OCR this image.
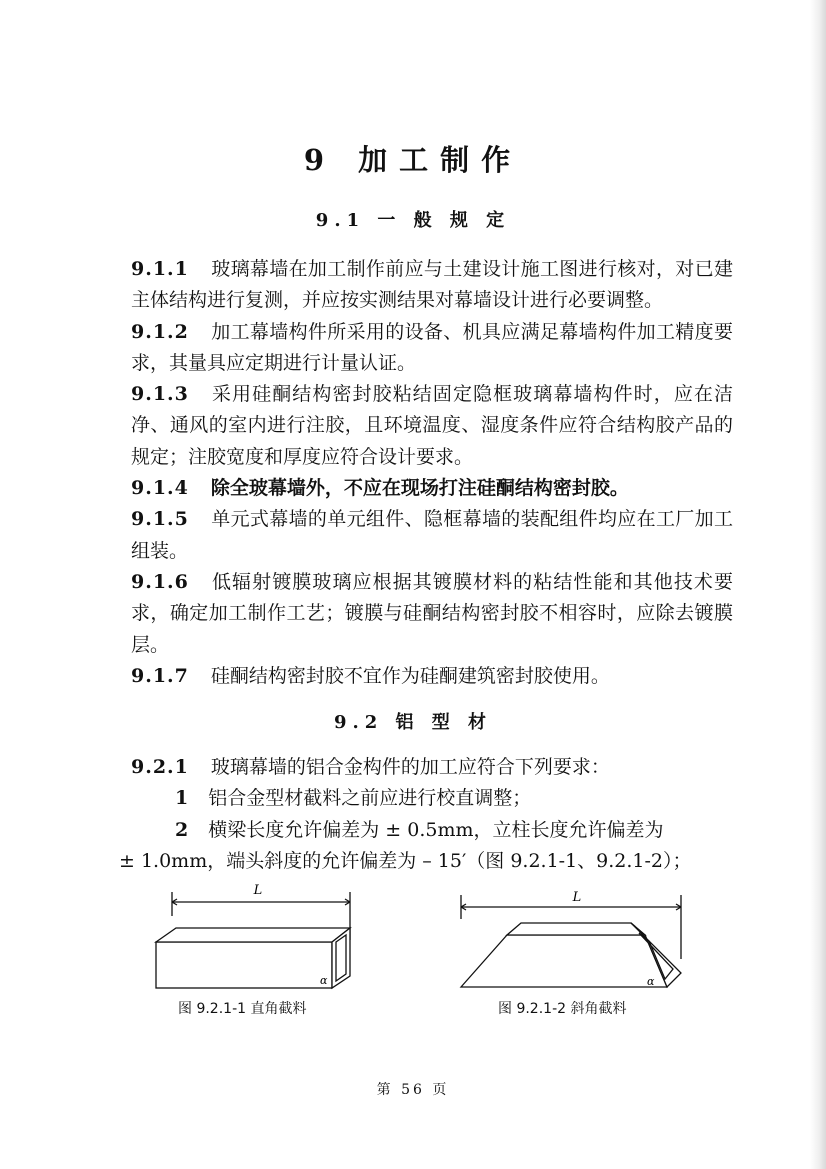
9 加工制作
9.1 一 般 规 定

9.1.1 玻璃幕墙在加工制作前应与土建设计施工图进行核对，对已建主体结构进行复测，并应按实测结果对幕墙设计进行必要调整。

9.1.2 加工幕墙构件所采用的设备、机具应满足幕墙构件加工精度要求，其量具应定期进行计量认证。

9.1.3 采用硅酮结构密封胶粘结固定隐框玻璃幕墙构件时，应在洁净、通风的室内进行注胶，且环境温度、湿度条件应符合结构胶产品的规定；注胶宽度和厚度应符合设计要求。

9.1.4 除全玻幕墙外，不应在现场打注硅酮结构密封胶。

9.1.5 单元式幕墙的单元组件、隐框幕墙的装配组件均应在工厂加工组装。

9.1.6 低辐射镀膜玻璃应根据其镀膜材料的粘结性能和其他技术要求，确定加工制作工艺；镀膜与硅酮结构密封胶不相容时，应除去镀膜层。

9.1.7 硅酮结构密封胶不宜作为硅酮建筑密封胶使用。

9.2 铝 型 材

9.2.1 玻璃幕墙的铝合金构件的加工应符合下列要求：

1 铝合金型材截料之前应进行校直调整；

2 横梁长度允许偏差为 ± 0.5mm，立柱长度允许偏差为

± 1.0mm，端头斜度的允许偏差为 – 15′（图 9.2.1-1、9.2.1-2）；

L
α
图 9.2.1-1 直角截料
L
α
图 9.2.1-2 斜角截料
第 56 页
